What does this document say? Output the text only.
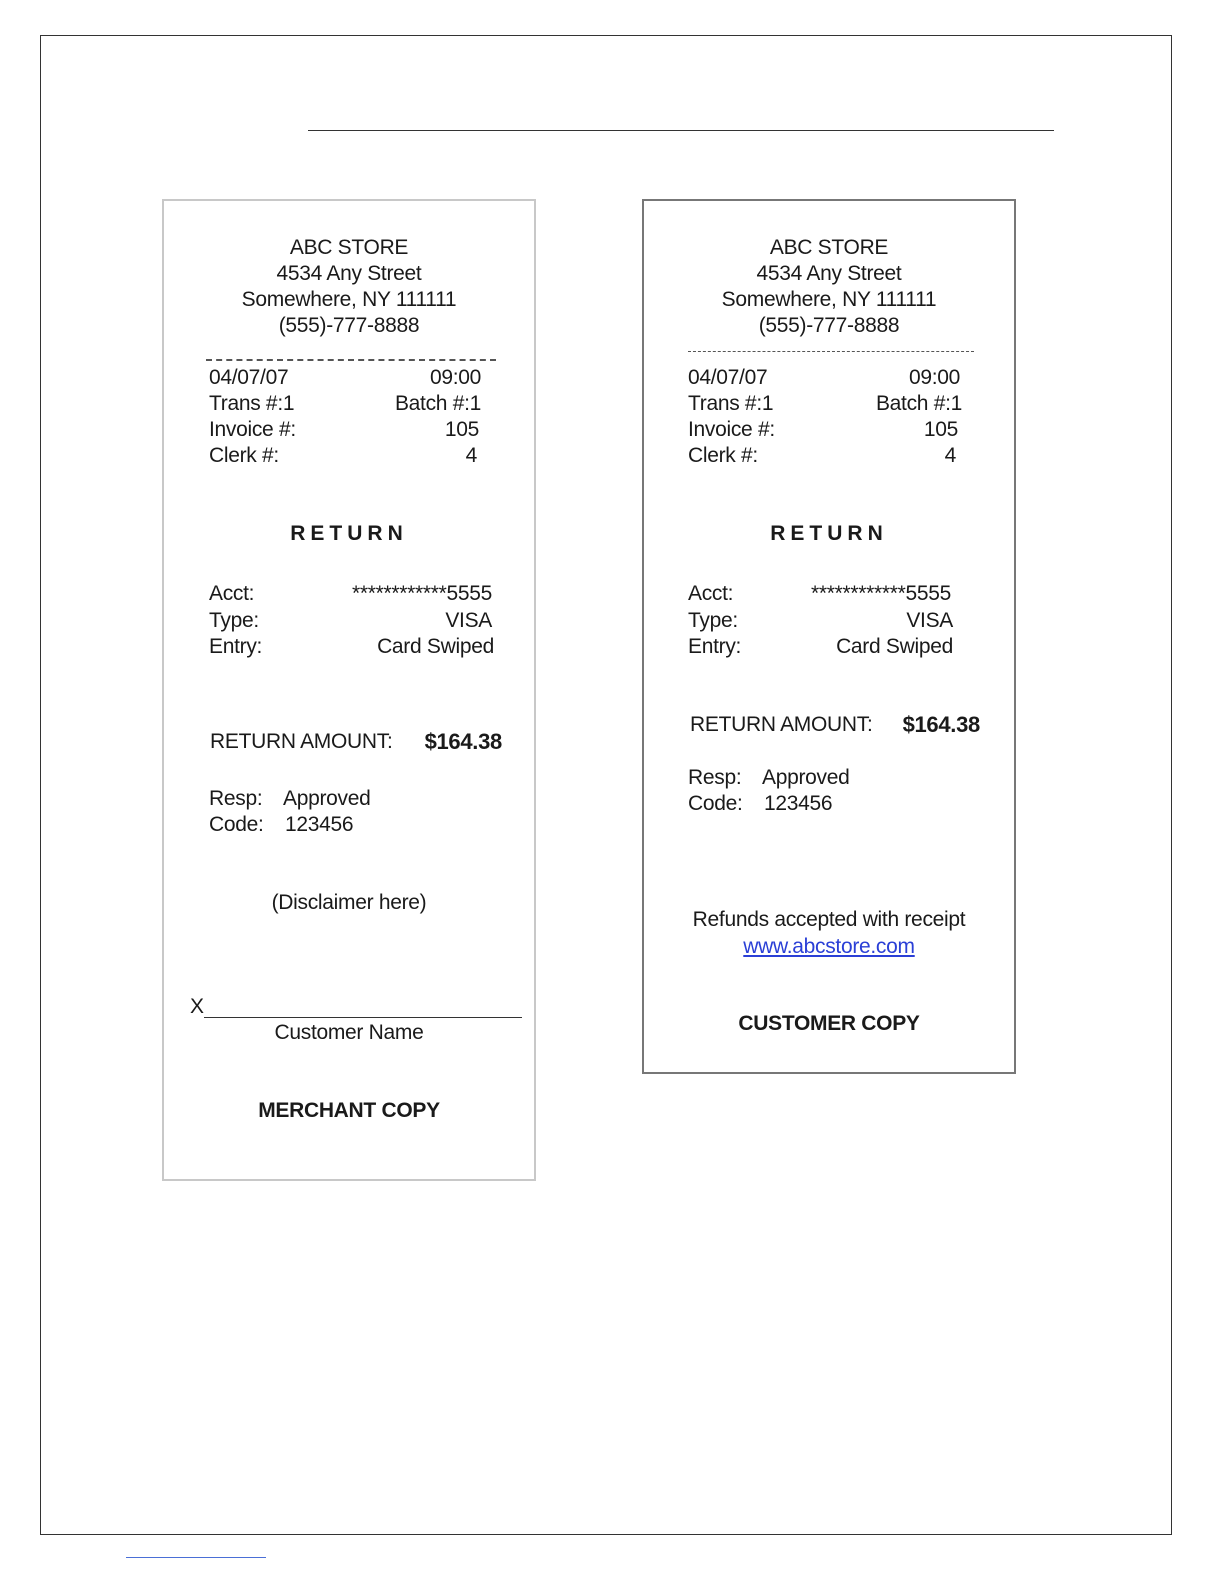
ABC STORE
4534 Any Street
Somewhere, NY 111111
(555)-777-8888
04/07/07	09:00
Trans #:1	Batch #:1
Invoice #:	105
Clerk #:	4
RETURN
Acct:	************5555
Type:	VISA
Entry:	Card Swiped
RETURN AMOUNT: $164.38
Resp: Approved
Code: 123456
(Disclaimer here)
X
Customer Name
MERCHANT COPY
ABC STORE
4534 Any Street
Somewhere, NY 111111
(555)-777-8888
04/07/07	09:00
Trans #:1	Batch #:1
Invoice #:	105
Clerk #:	4
RETURN
Acct:	************5555
Type:	VISA
Entry:	Card Swiped
RETURN AMOUNT: $164.38
Resp: Approved
Code: 123456
Refunds accepted with receipt
www.abcstore.com
CUSTOMER COPY
